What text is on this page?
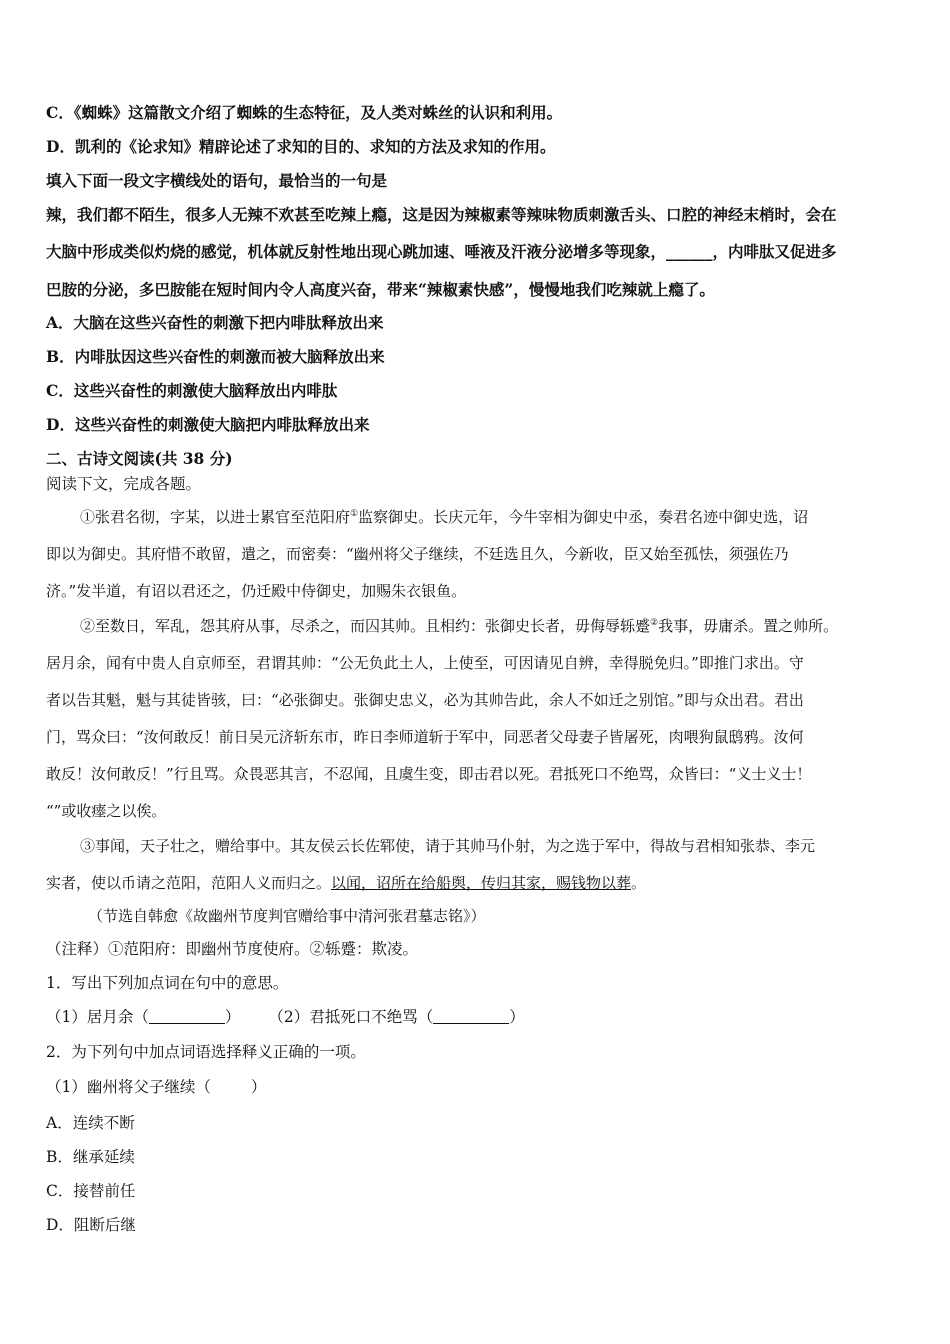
C．《蜘蛛》这篇散文介绍了蜘蛛的生态特征，及人类对蛛丝的认识和利用。
D．凯利的《论求知》精辟论述了求知的目的、求知的方法及求知的作用。
填入下面一段文字横线处的语句，最恰当的一句是
辣，我们都不陌生，很多人无辣不欢甚至吃辣上瘾，这是因为辣椒素等辣味物质刺激舌头、口腔的神经末梢时，会在
大脑中形成类似灼烧的感觉，机体就反射性地出现心跳加速、唾液及汗液分泌增多等现象，______，内啡肽又促进多
巴胺的分泌，多巴胺能在短时间内令人高度兴奋，带来“辣椒素快感”，慢慢地我们吃辣就上瘾了。
A．大脑在这些兴奋性的刺激下把内啡肽释放出来
B．内啡肽因这些兴奋性的刺激而被大脑释放出来
C．这些兴奋性的刺激使大脑释放出内啡肽
D．这些兴奋性的刺激使大脑把内啡肽释放出来
二、古诗文阅读(共 38 分)
阅读下文，完成各题。
①张君名彻，字某，以进士累官至范阳府①监察御史。长庆元年，今牛宰相为御史中丞，奏君名迹中御史选，诏
即以为御史。其府惜不敢留，遣之，而密奏：“幽州将父子继续，不廷选且久，今新收，臣又始至孤怯，须强佐乃
济。”发半道，有诏以君还之，仍迁殿中侍御史，加赐朱衣银鱼。
②至数日，军乱，怨其府从事，尽杀之，而囚其帅。且相约：张御史长者，毋侮辱轹蹙②我事，毋庸杀。置之帅所。
居月余，闻有中贵人自京师至，君谓其帅：“公无负此土人，上使至，可因请见自辨，幸得脱免归。”即推门求出。守
者以告其魁，魁与其徒皆骇，曰：“必张御史。张御史忠义，必为其帅告此，余人不如迁之别馆。”即与众出君。君出
门，骂众曰：“汝何敢反！前日吴元济斩东市，昨日李师道斩于军中，同恶者父母妻子皆屠死，肉喂狗鼠鸱鸦。汝何
敢反！汝何敢反！”行且骂。众畏恶其言，不忍闻，且虞生变，即击君以死。君抵死口不绝骂，众皆曰：“义士义士！
“”或收瘗之以俟。
③事闻，天子壮之，赠给事中。其友侯云长佐郓使，请于其帅马仆射，为之选于军中，得故与君相知张恭、李元
实者，使以币请之范阳，范阳人义而归之。以闻，诏所在给船舆，传归其家，赐钱物以葬。
（节选自韩愈《故幽州节度判官赠给事中清河张君墓志铭》）
（注释）①范阳府：即幽州节度使府。②轹蹙：欺凌。
1．写出下列加点词在句中的意思。
（1）居月余（	） （2）君抵死口不绝骂（	）
2．为下列句中加点词语选择释义正确的一项。
（1）幽州将父子继续（	）
A．连续不断
B．继承延续
C．接替前任
D．阻断后继
